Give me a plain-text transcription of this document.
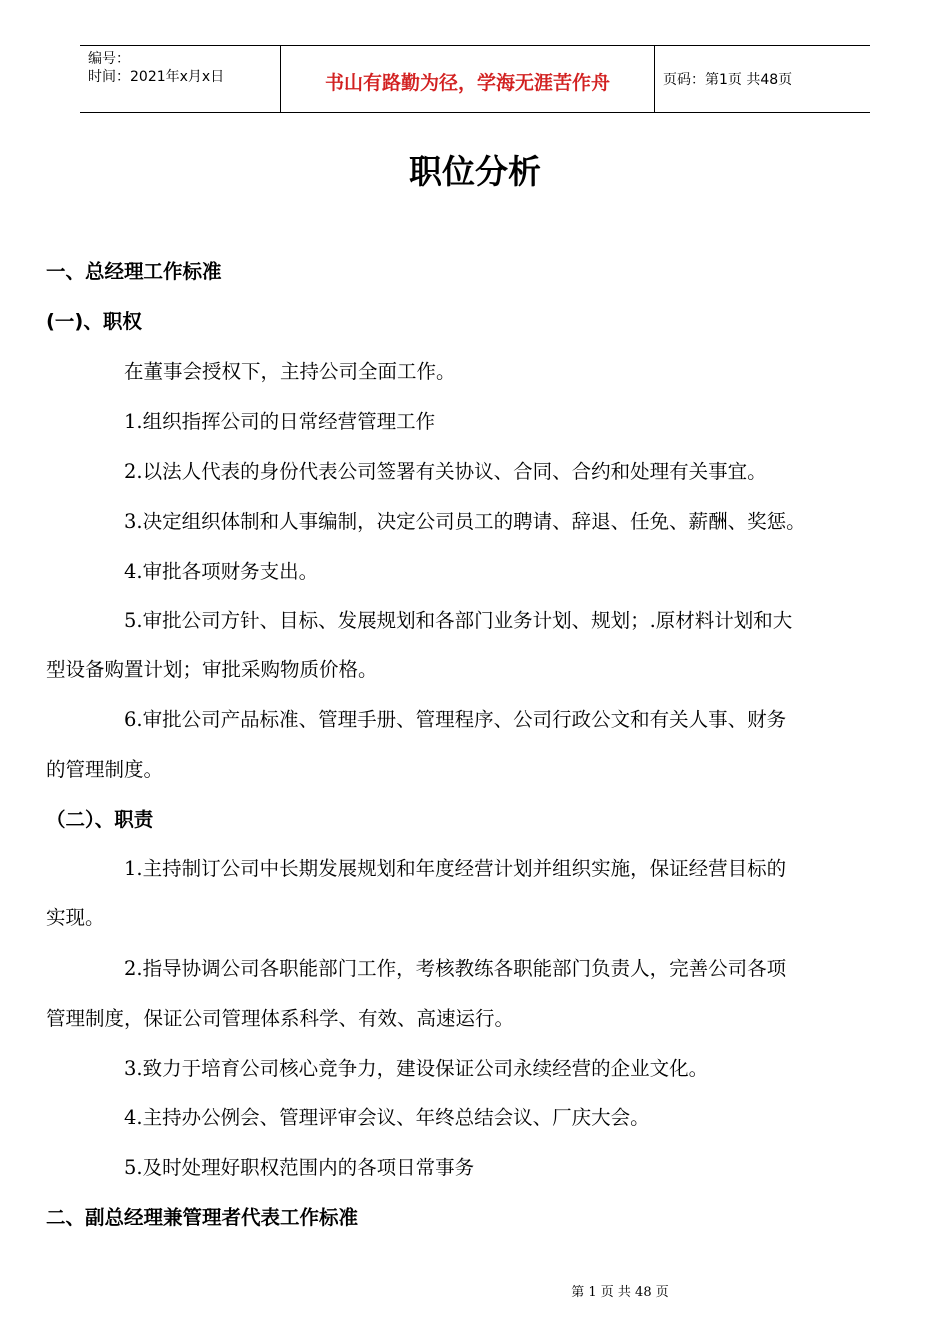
编号：
时间：2021年x月x日	书山有路勤为径，学海无涯苦作舟	页码：第1页 共48页
职位分析
一、总经理工作标准
(一)、职权
在董事会授权下，主持公司全面工作。
1.组织指挥公司的日常经营管理工作
2.以法人代表的身份代表公司签署有关协议、合同、合约和处理有关事宜。
3.决定组织体制和人事编制，决定公司员工的聘请、辞退、任免、薪酬、奖惩。
4.审批各项财务支出。
5.审批公司方针、目标、发展规划和各部门业务计划、规划；.原材料计划和大
型设备购置计划；审批采购物质价格。
6.审批公司产品标准、管理手册、管理程序、公司行政公文和有关人事、财务
的管理制度。
（二）、职责
1.主持制订公司中长期发展规划和年度经营计划并组织实施，保证经营目标的
实现。
2.指导协调公司各职能部门工作，考核教练各职能部门负责人，完善公司各项
管理制度，保证公司管理体系科学、有效、高速运行。
3.致力于培育公司核心竞争力，建设保证公司永续经营的企业文化。
4.主持办公例会、管理评审会议、年终总结会议、厂庆大会。
5.及时处理好职权范围内的各项日常事务
二、副总经理兼管理者代表工作标准
第 1 页 共 48 页
